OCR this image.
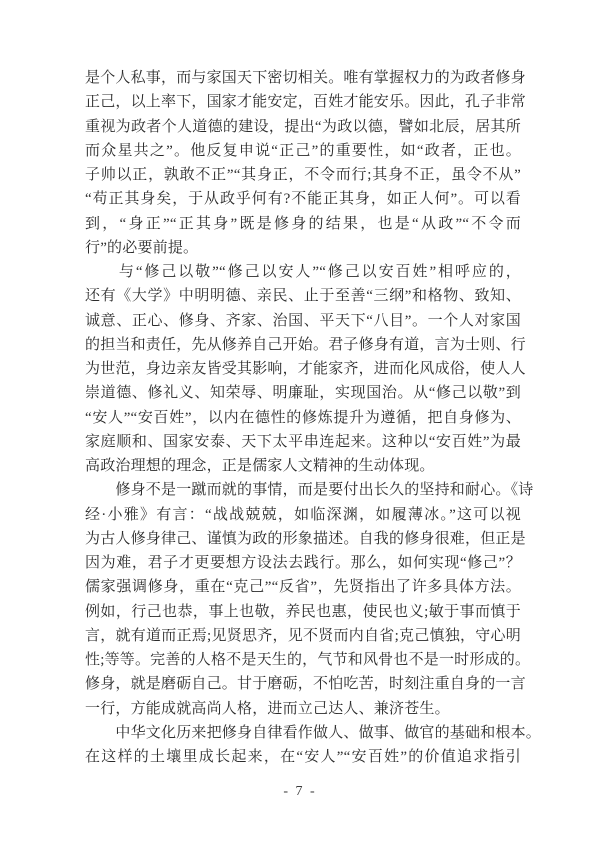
是个人私事，而与家国天下密切相关。唯有掌握权力的为政者修身
正己，以上率下，国家才能安定，百姓才能安乐。因此，孔子非常
重视为政者个人道德的建设，提出“为政以德，譬如北辰，居其所
而众星共之”。他反复申说“正己”的重要性，如“政者，正也。
子帅以正，孰敢不正”“其身正，不令而行;其身不正，虽令不从”
“苟正其身矣，于从政乎何有?不能正其身，如正人何”。可以看
到，“身正”“正其身”既是修身的结果，也是“从政”“不令而
行”的必要前提。
　　与“修己以敬”“修己以安人”“修己以安百姓”相呼应的，
还有《大学》中明明德、亲民、止于至善“三纲”和格物、致知、
诚意、正心、修身、齐家、治国、平天下“八目”。一个人对家国
的担当和责任，先从修养自己开始。君子修身有道，言为士则、行
为世范，身边亲友皆受其影响，才能家齐，进而化风成俗，使人人
崇道德、修礼义、知荣辱、明廉耻，实现国治。从“修己以敬”到
“安人”“安百姓”，以内在德性的修炼提升为遵循，把自身修为、
家庭顺和、国家安泰、天下太平串连起来。这种以“安百姓”为最
高政治理想的理念，正是儒家人文精神的生动体现。
　　修身不是一蹴而就的事情，而是要付出长久的坚持和耐心。《诗
经·小雅》有言：“战战兢兢，如临深渊，如履薄冰。”这可以视
为古人修身律己、谨慎为政的形象描述。自我的修身很难，但正是
因为难，君子才更要想方设法去践行。那么，如何实现“修己”？
儒家强调修身，重在“克己”“反省”，先贤指出了许多具体方法。
例如，行己也恭，事上也敬，养民也惠，使民也义;敏于事而慎于
言，就有道而正焉;见贤思齐，见不贤而内自省;克己慎独，守心明
性;等等。完善的人格不是天生的，气节和风骨也不是一时形成的。
修身，就是磨砺自己。甘于磨砺，不怕吃苦，时刻注重自身的一言
一行，方能成就高尚人格，进而立己达人、兼济苍生。
　　中华文化历来把修身自律看作做人、做事、做官的基础和根本。
在这样的土壤里成长起来，在“安人”“安百姓”的价值追求指引
- 7 -
